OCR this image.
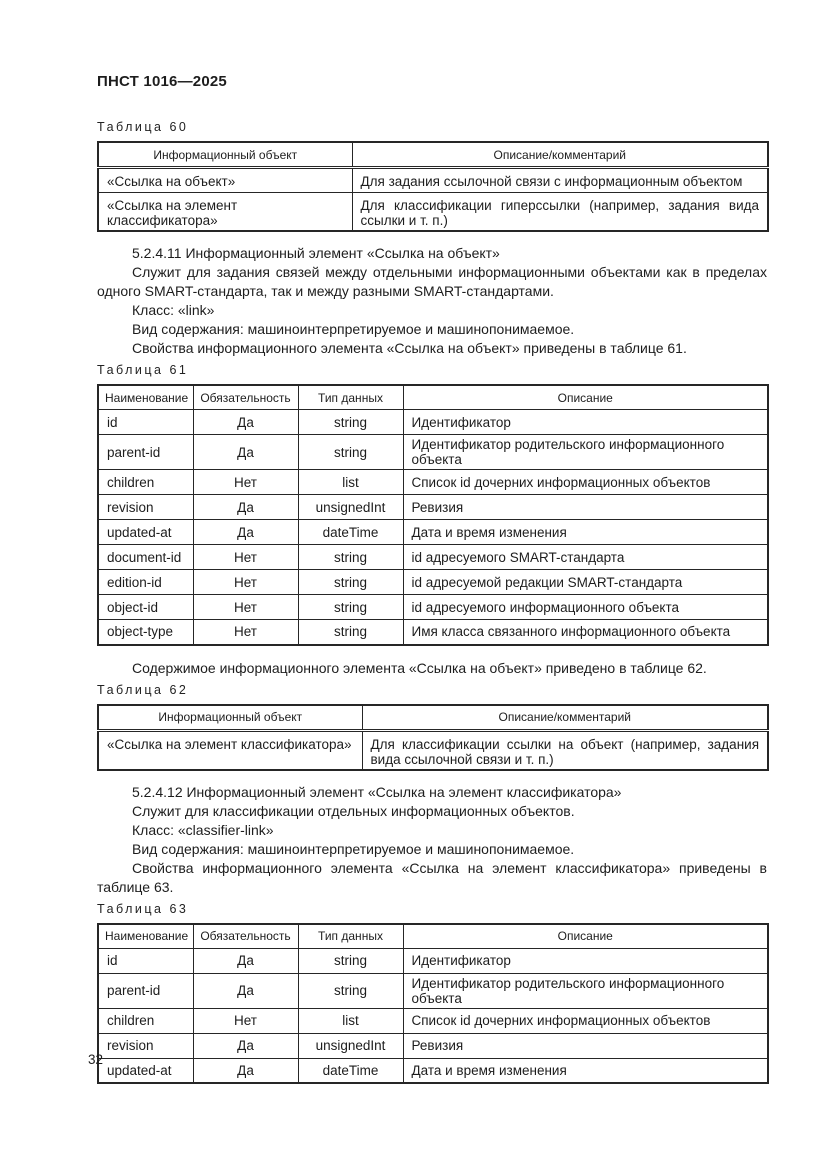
ПНСТ 1016—2025
Таблица 60
Информационный объект	Описание/комментарий
«Ссылка на объект»	Для задания ссылочной связи с информационным объектом
«Ссылка на элемент классификатора»	Для классификации гиперссылки (например, задания вида ссылки и т. п.)

5.2.4.11 Информационный элемент «Ссылка на объект»

Служит для задания связей между отдельными информационными объектами как в пределах одного SMART-стандарта, так и между разными SMART-стандартами.

Класс: «link»

Вид содержания: машиноинтерпретируемое и машинопонимаемое.

Свойства информационного элемента «Ссылка на объект» приведены в таблице 61.

Таблица 61
Наименование	Обязательность	Тип данных	Описание
id	Да	string	Идентификатор
parent-id	Да	string	Идентификатор родительского информационного объекта
children	Нет	list	Список id дочерних информационных объектов
revision	Да	unsignedInt	Ревизия
updated-at	Да	dateTime	Дата и время изменения
document-id	Нет	string	id адресуемого SMART-стандарта
edition-id	Нет	string	id адресуемой редакции SMART-стандарта
object-id	Нет	string	id адресуемого информационного объекта
object-type	Нет	string	Имя класса связанного информационного объекта

Содержимое информационного элемента «Ссылка на объект» приведено в таблице 62.

Таблица 62
Информационный объект	Описание/комментарий
«Ссылка на элемент классификатора»	Для классификации ссылки на объект (например, задания вида ссылочной связи и т. п.)

5.2.4.12 Информационный элемент «Ссылка на элемент классификатора»

Служит для классификации отдельных информационных объектов.

Класс: «classifier-link»

Вид содержания: машиноинтерпретируемое и машинопонимаемое.

Свойства информационного элемента «Ссылка на элемент классификатора» приведены в таблице 63.

Таблица 63
Наименование	Обязательность	Тип данных	Описание
id	Да	string	Идентификатор
parent-id	Да	string	Идентификатор родительского информационного объекта
children	Нет	list	Список id дочерних информационных объектов
revision	Да	unsignedInt	Ревизия
updated-at	Да	dateTime	Дата и время изменения
32
